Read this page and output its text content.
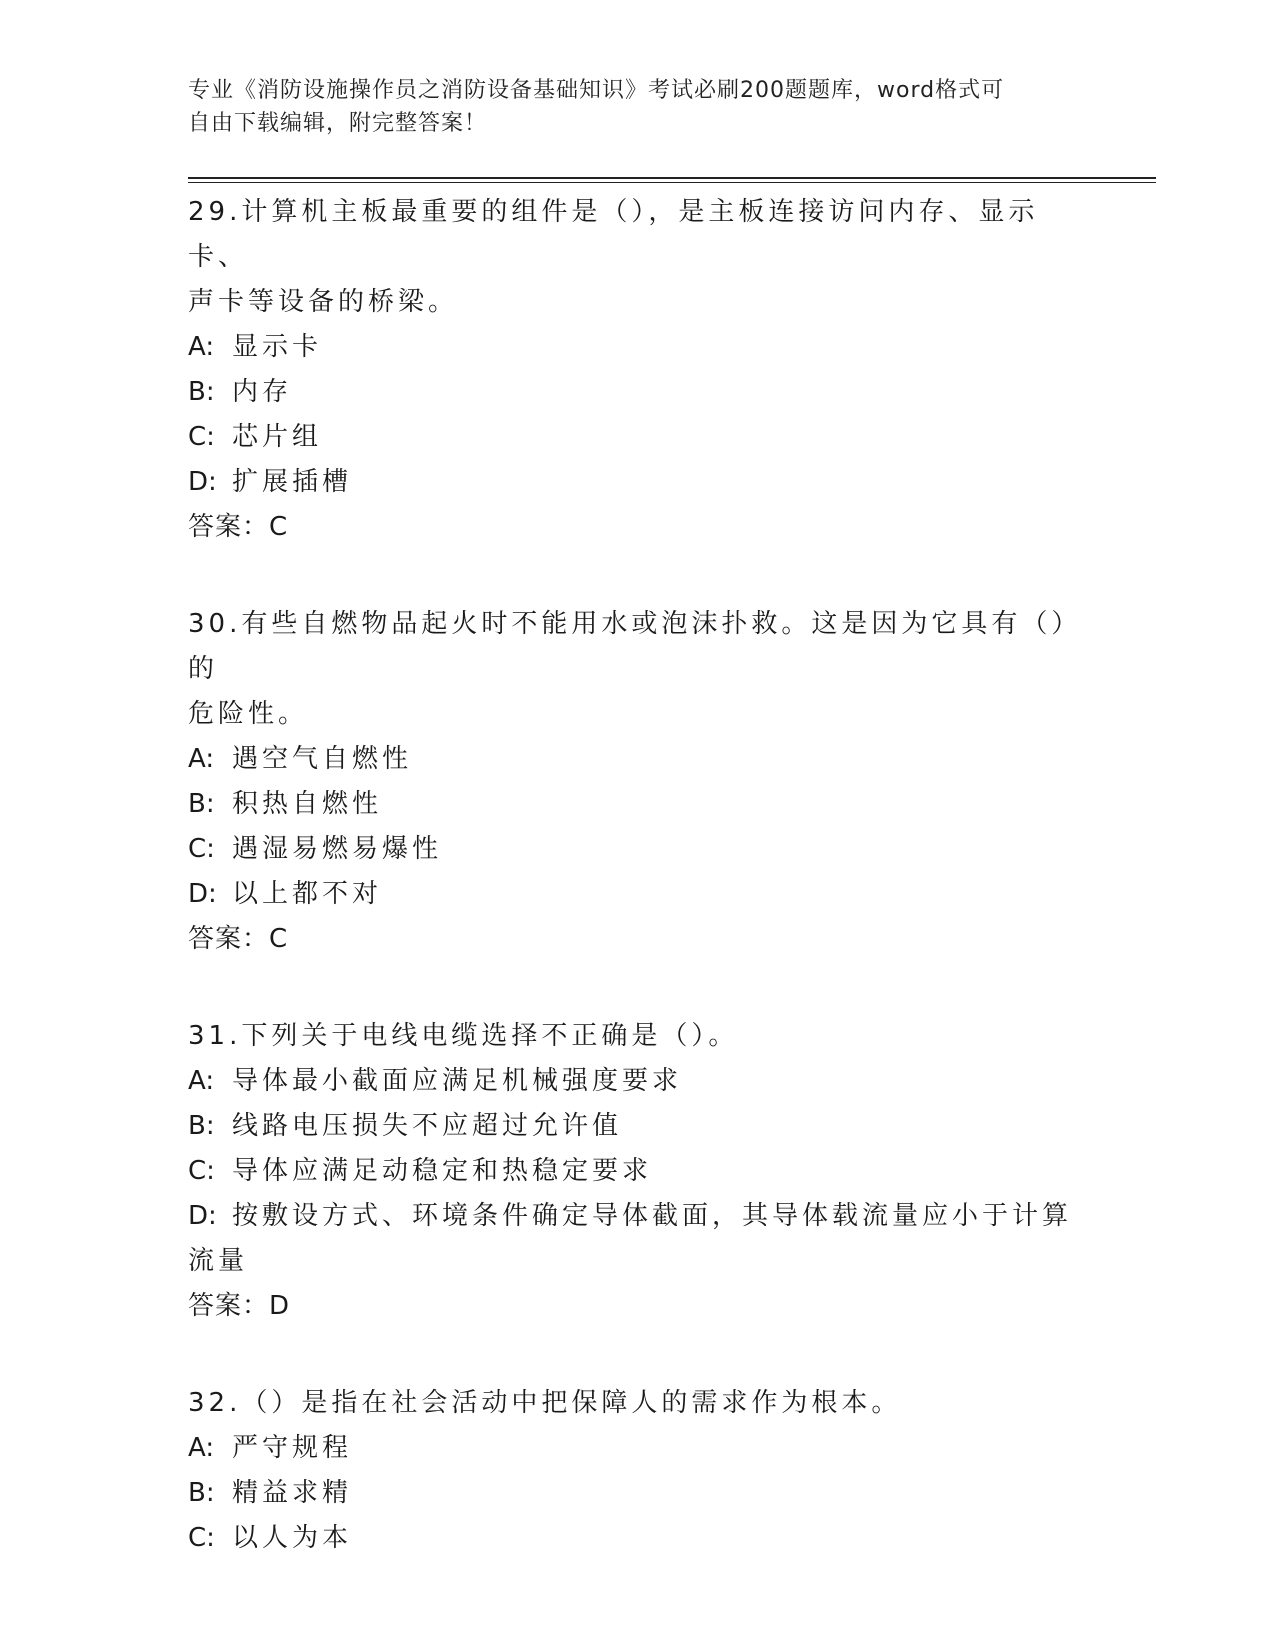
专业《消防设施操作员之消防设备基础知识》考试必刷200题题库，word格式可
自由下载编辑，附完整答案！
29.计算机主板最重要的组件是（），是主板连接访问内存、显示卡、
声卡等设备的桥梁。
A: 显示卡
B: 内存
C: 芯片组
D: 扩展插槽
答案：C
30.有些自燃物品起火时不能用水或泡沫扑救。这是因为它具有（）的
危险性。
A: 遇空气自燃性
B: 积热自燃性
C: 遇湿易燃易爆性
D: 以上都不对
答案：C
31.下列关于电线电缆选择不正确是（）。
A: 导体最小截面应满足机械强度要求
B: 线路电压损失不应超过允许值
C: 导体应满足动稳定和热稳定要求
D: 按敷设方式、环境条件确定导体截面，其导体载流量应小于计算流量
答案：D
32.（）是指在社会活动中把保障人的需求作为根本。
A: 严守规程
B: 精益求精
C: 以人为本
